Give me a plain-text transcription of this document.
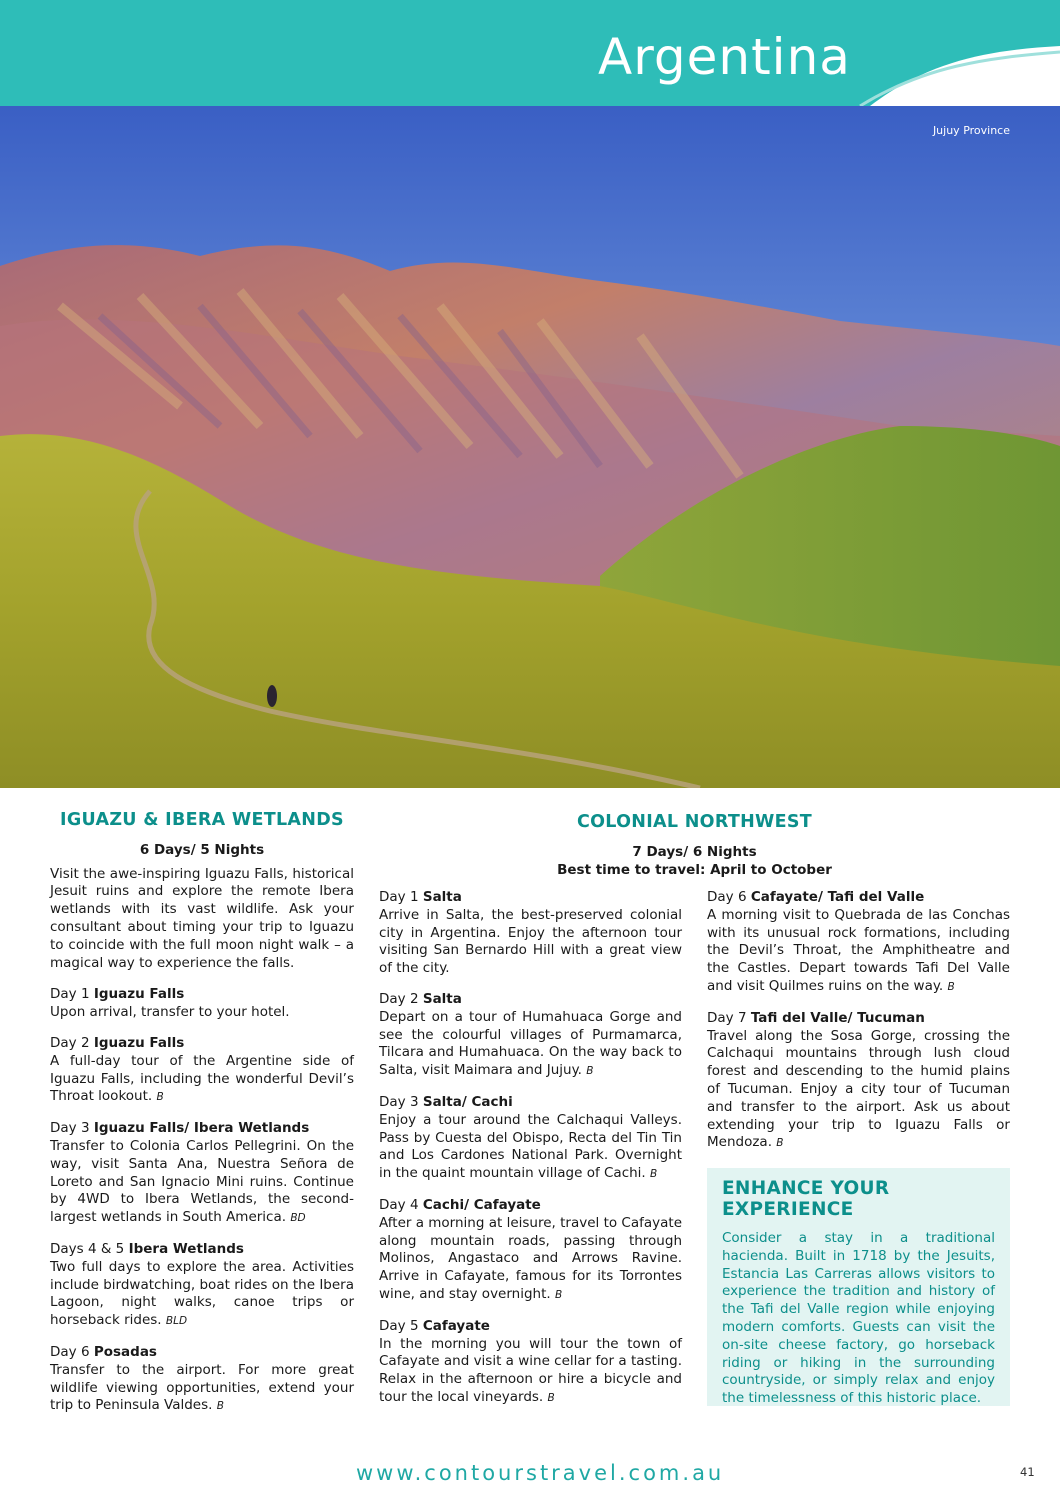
Argentina
Jujuy Province
IGUAZU & IBERA WETLANDS
6 Days/ 5 Nights
Visit the awe-inspiring Iguazu Falls, historical Jesuit ruins and explore the remote Ibera wetlands with its vast wildlife. Ask your consultant about timing your trip to Iguazu to coincide with the full moon night walk – a magical way to experience the falls.
Day 1 Iguazu Falls
Upon arrival, transfer to your hotel.
Day 2 Iguazu Falls
A full-day tour of the Argentine side of Iguazu Falls, including the wonderful Devil’s Throat lookout. B
Day 3 Iguazu Falls/ Ibera Wetlands
Transfer to Colonia Carlos Pellegrini. On the way, visit Santa Ana, Nuestra Señora de Loreto and San Ignacio Mini ruins. Continue by 4WD to Ibera Wetlands, the second-largest wetlands in South America. BD
Days 4 & 5 Ibera Wetlands
Two full days to explore the area. Activities include birdwatching, boat rides on the Ibera Lagoon, night walks, canoe trips or horseback rides. BLD
Day 6 Posadas
Transfer to the airport. For more great wildlife viewing opportunities, extend your trip to Peninsula Valdes. B
COLONIAL NORTHWEST
7 Days/ 6 Nights
Best time to travel: April to October
Day 1 Salta
Arrive in Salta, the best-preserved colonial city in Argentina. Enjoy the afternoon tour visiting San Bernardo Hill with a great view of the city.
Day 2 Salta
Depart on a tour of Humahuaca Gorge and see the colourful villages of Purmamarca, Tilcara and Humahuaca. On the way back to Salta, visit Maimara and Jujuy. B
Day 3 Salta/ Cachi
Enjoy a tour around the Calchaqui Valleys. Pass by Cuesta del Obispo, Recta del Tin Tin and Los Cardones National Park. Overnight in the quaint mountain village of Cachi. B
Day 4 Cachi/ Cafayate
After a morning at leisure, travel to Cafayate along mountain roads, passing through Molinos, Angastaco and Arrows Ravine. Arrive in Cafayate, famous for its Torrontes wine, and stay overnight. B
Day 5 Cafayate
In the morning you will tour the town of Cafayate and visit a wine cellar for a tasting. Relax in the afternoon or hire a bicycle and tour the local vineyards. B
Day 6 Cafayate/ Tafi del Valle
A morning visit to Quebrada de las Conchas with its unusual rock formations, including the Devil’s Throat, the Amphitheatre and the Castles. Depart towards Tafi Del Valle and visit Quilmes ruins on the way. B
Day 7 Tafi del Valle/ Tucuman
Travel along the Sosa Gorge, crossing the Calchaqui mountains through lush cloud forest and descending to the humid plains of Tucuman. Enjoy a city tour of Tucuman and transfer to the airport. Ask us about extending your trip to Iguazu Falls or Mendoza. B
ENHANCE YOUR EXPERIENCE

Consider a stay in a traditional hacienda. Built in 1718 by the Jesuits, Estancia Las Carreras allows visitors to experience the tradition and history of the Tafi del Valle region while enjoying modern comforts. Guests can visit the on-site cheese factory, go horseback riding or hiking in the surrounding countryside, or simply relax and enjoy the timelessness of this historic place.

www.contourstravel.com.au	41
